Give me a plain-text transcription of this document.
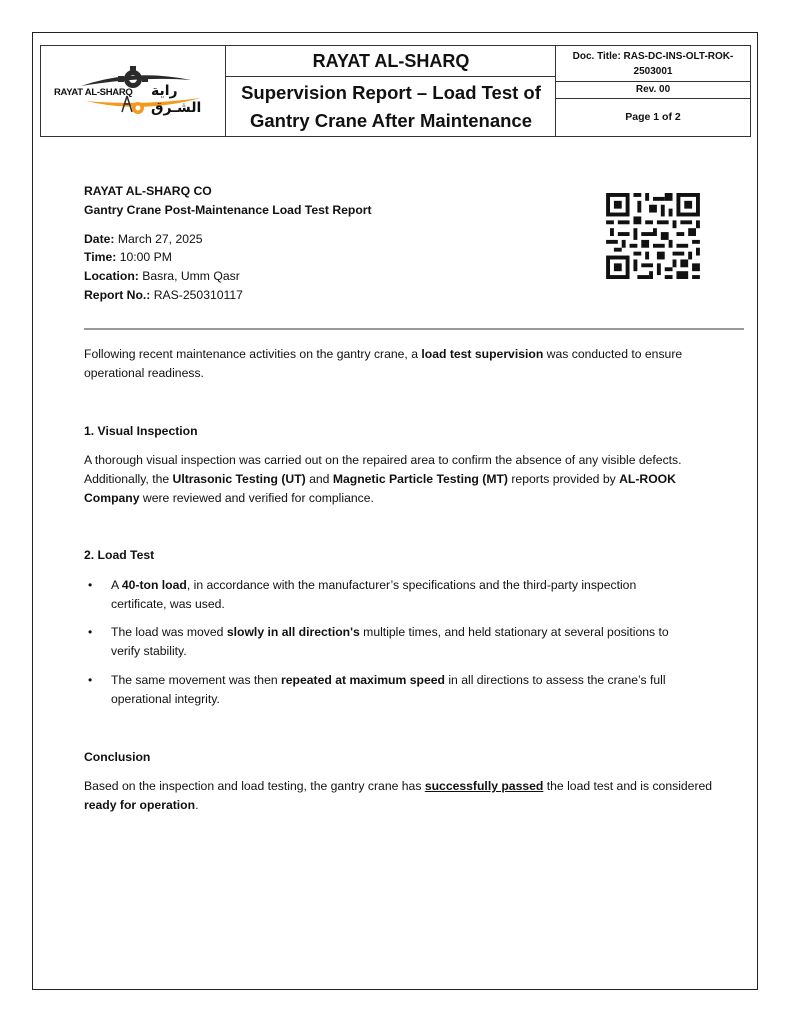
RAYAT AL-SHARQ راية الشـرق
RAYAT AL-SHARQ
Supervision Report – Load Test of
Gantry Crane After Maintenance
Doc. Title: RAS-DC-INS-OLT-ROK-
2503001
Rev. 00
Page 1 of 2
RAYAT AL-SHARQ CO
Gantry Crane Post-Maintenance Load Test Report
Date: March 27, 2025
Time: 10:00 PM
Location: Basra, Umm Qasr
Report No.: RAS-250310117
Following recent maintenance activities on the gantry crane, a load test supervision was conducted to ensure
operational readiness.
1. Visual Inspection
A thorough visual inspection was carried out on the repaired area to confirm the absence of any visible defects.
Additionally, the Ultrasonic Testing (UT) and Magnetic Particle Testing (MT) reports provided by AL-ROOK
Company were reviewed and verified for compliance.
2. Load Test
• A 40-ton load, in accordance with the manufacturer’s specifications and the third-party inspection
certificate, was used.
• The load was moved slowly in all direction's multiple times, and held stationary at several positions to
verify stability.
• The same movement was then repeated at maximum speed in all directions to assess the crane’s full
operational integrity.
Conclusion
Based on the inspection and load testing, the gantry crane has successfully passed the load test and is considered
ready for operation.
